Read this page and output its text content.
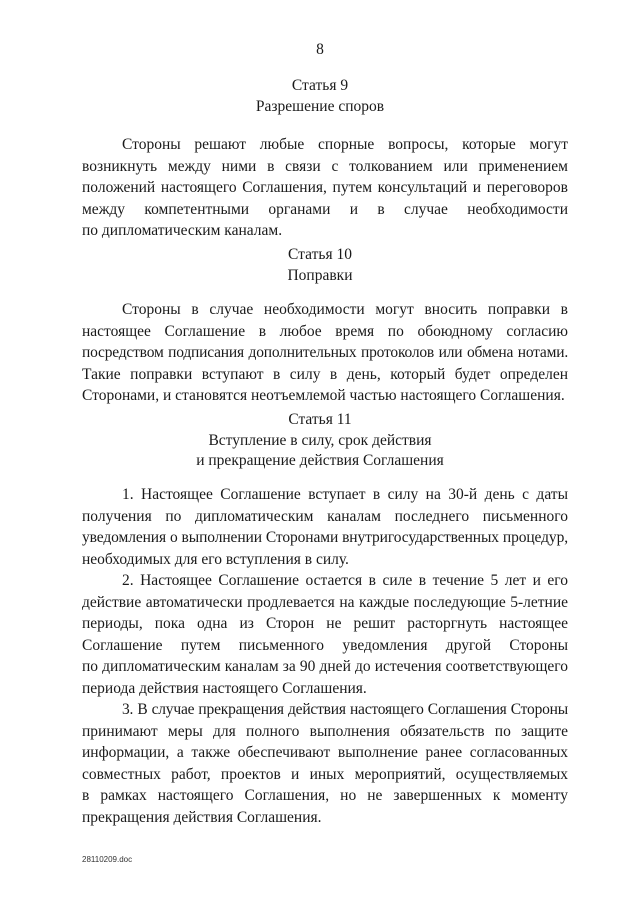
8
Статья 9
Разрешение споров
Стороны решают любые спорные вопросы, которые могут
возникнуть между ними в связи с толкованием или применением
положений настоящего Соглашения, путем консультаций и переговоров
между компетентными органами и в случае необходимости
по дипломатическим каналам.
Статья 10
Поправки
Стороны в случае необходимости могут вносить поправки в
настоящее Соглашение в любое время по обоюдному согласию
посредством подписания дополнительных протоколов или обмена нотами.
Такие поправки вступают в силу в день, который будет определен
Сторонами, и становятся неотъемлемой частью настоящего Соглашения.
Статья 11
Вступление в силу, срок действия
и прекращение действия Соглашения
1. Настоящее Соглашение вступает в силу на 30-й день с даты
получения по дипломатическим каналам последнего письменного
уведомления о выполнении Сторонами внутригосударственных процедур,
необходимых для его вступления в силу.
2. Настоящее Соглашение остается в силе в течение 5 лет и его
действие автоматически продлевается на каждые последующие 5-летние
периоды, пока одна из Сторон не решит расторгнуть настоящее
Соглашение путем письменного уведомления другой Стороны
по дипломатическим каналам за 90 дней до истечения соответствующего
периода действия настоящего Соглашения.
3. В случае прекращения действия настоящего Соглашения Стороны
принимают меры для полного выполнения обязательств по защите
информации, а также обеспечивают выполнение ранее согласованных
совместных работ, проектов и иных мероприятий, осуществляемых
в рамках настоящего Соглашения, но не завершенных к моменту
прекращения действия Соглашения.
28110209.doc
